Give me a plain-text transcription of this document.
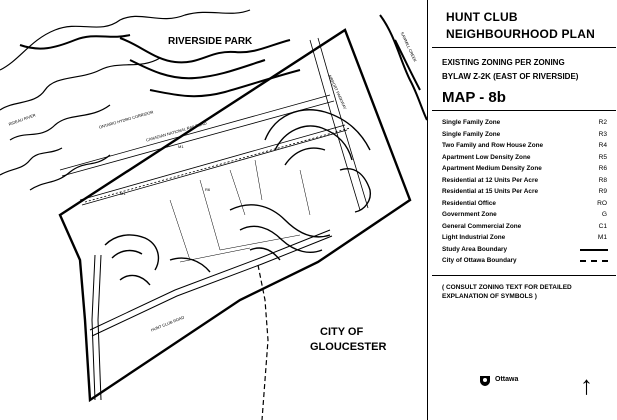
RIVERSIDE PARK
CITY OF
GLOUCESTER
CANADIAN NATIONAL RAILROAD
ONTARIO HYDRO CORRIDOR
AIRPORT PARKWAY
HUNT CLUB ROAD
RIDEAU RIVER
SAWMILL CREEK
M1
M1
R6
HUNT CLUB
NEIGHBOURHOOD PLAN
EXISTING ZONING PER ZONING
BYLAW Z-2K (EAST OF RIVERSIDE)
MAP - 8b
Single Family Zone	R2
Single Family Zone	R3
Two Family and Row House Zone	R4
Apartment Low Density Zone	R5
Apartment Medium Density Zone	R6
Residential at 12 Units Per Acre	R8
Residential at 15 Units Per Acre	R9
Residential Office	RO
Government Zone	G
General Commercial Zone	C1
Light Industrial Zone	M1
Study Area Boundary
City of Ottawa Boundary
( CONSULT ZONING TEXT FOR DETAILED EXPLANATION OF SYMBOLS )
Ottawa ↑
